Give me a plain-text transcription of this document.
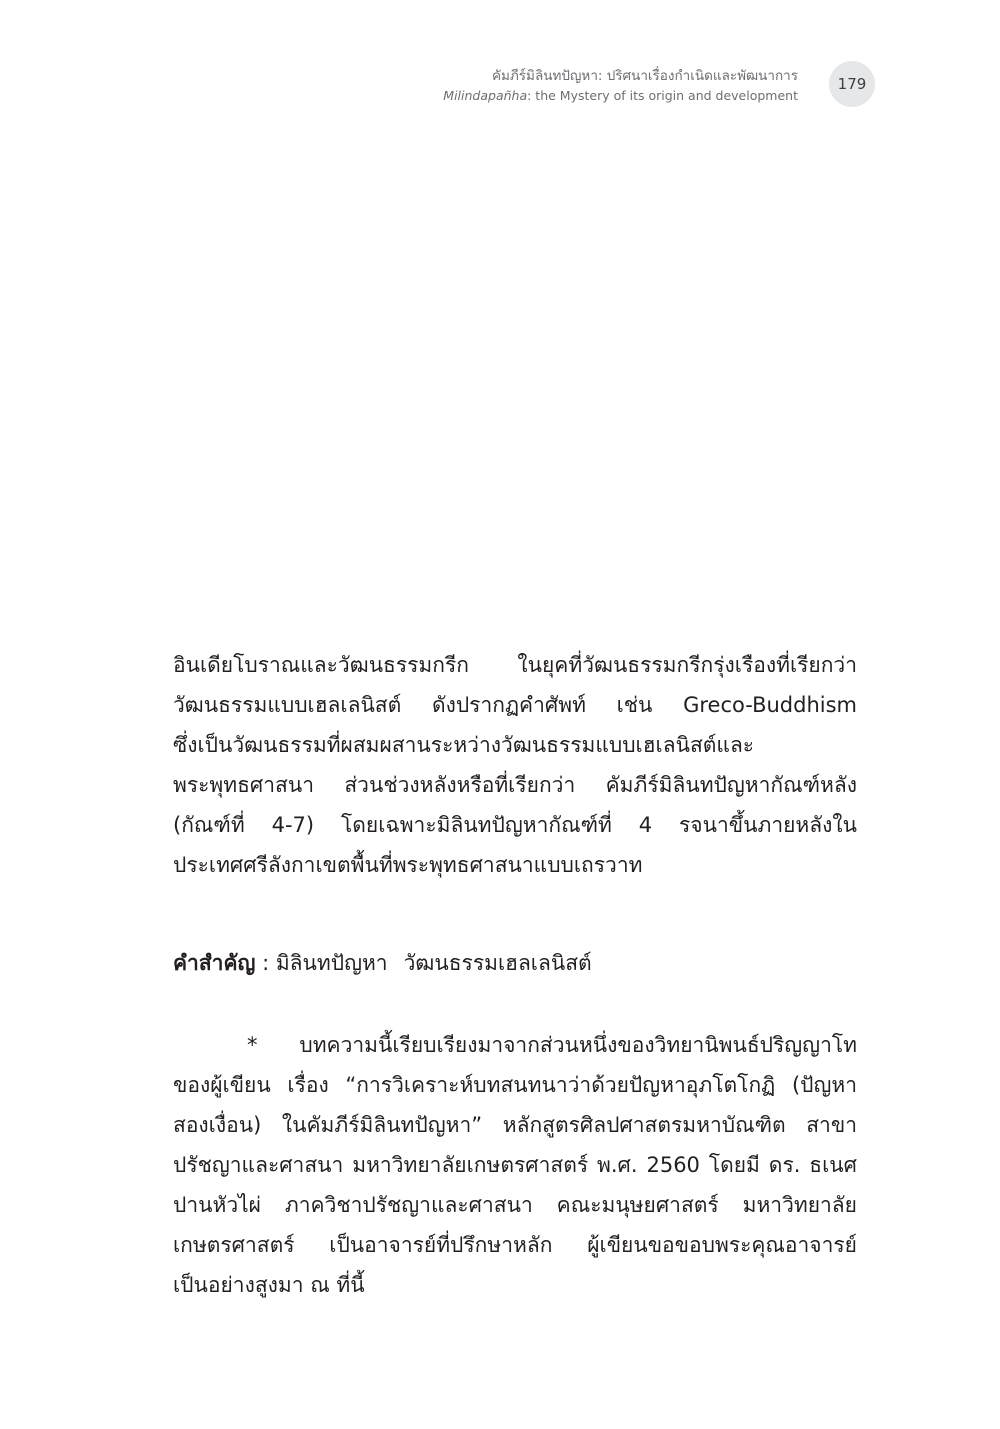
คัมภีร์มิลินทปัญหา: ปริศนาเรื่องกำเนิดและพัฒนาการ
Milindapañha: the Mystery of its origin and development
179
อินเดียโบราณและวัฒนธรรมกรีก ในยุคที่วัฒนธรรมกรีกรุ่งเรืองที่เรียกว่า
วัฒนธรรมแบบเฮลเลนิสต์ ดังปรากฏคำศัพท์ เช่น Greco-Buddhism
ซึ่งเป็นวัฒนธรรมที่ผสมผสานระหว่างวัฒนธรรมแบบเฮเลนิสต์และ
พระพุทธศาสนา ส่วนช่วงหลังหรือที่เรียกว่า คัมภีร์มิลินทปัญหากัณฑ์หลัง
(กัณฑ์ที่ 4-7) โดยเฉพาะมิลินทปัญหากัณฑ์ที่ 4 รจนาขึ้นภายหลังใน
ประเทศศรีลังกาเขตพื้นที่พระพุทธศาสนาแบบเถรวาท
คำสำคัญ : มิลินทปัญหา วัฒนธรรมเฮลเลนิสต์
* บทความนี้เรียบเรียงมาจากส่วนหนึ่งของวิทยานิพนธ์ปริญญาโท
ของผู้เขียน เรื่อง “การวิเคราะห์บทสนทนาว่าด้วยปัญหาอุภโตโกฏิ (ปัญหา
สองเงื่อน) ในคัมภีร์มิลินทปัญหา” หลักสูตรศิลปศาสตรมหาบัณฑิต สาขา
ปรัชญาและศาสนา มหาวิทยาลัยเกษตรศาสตร์ พ.ศ. 2560 โดยมี ดร. ธเนศ
ปานหัวไผ่ ภาควิชาปรัชญาและศาสนา คณะมนุษยศาสตร์ มหาวิทยาลัย
เกษตรศาสตร์ เป็นอาจารย์ที่ปรึกษาหลัก ผู้เขียนขอขอบพระคุณอาจารย์
เป็นอย่างสูงมา ณ ที่นี้
